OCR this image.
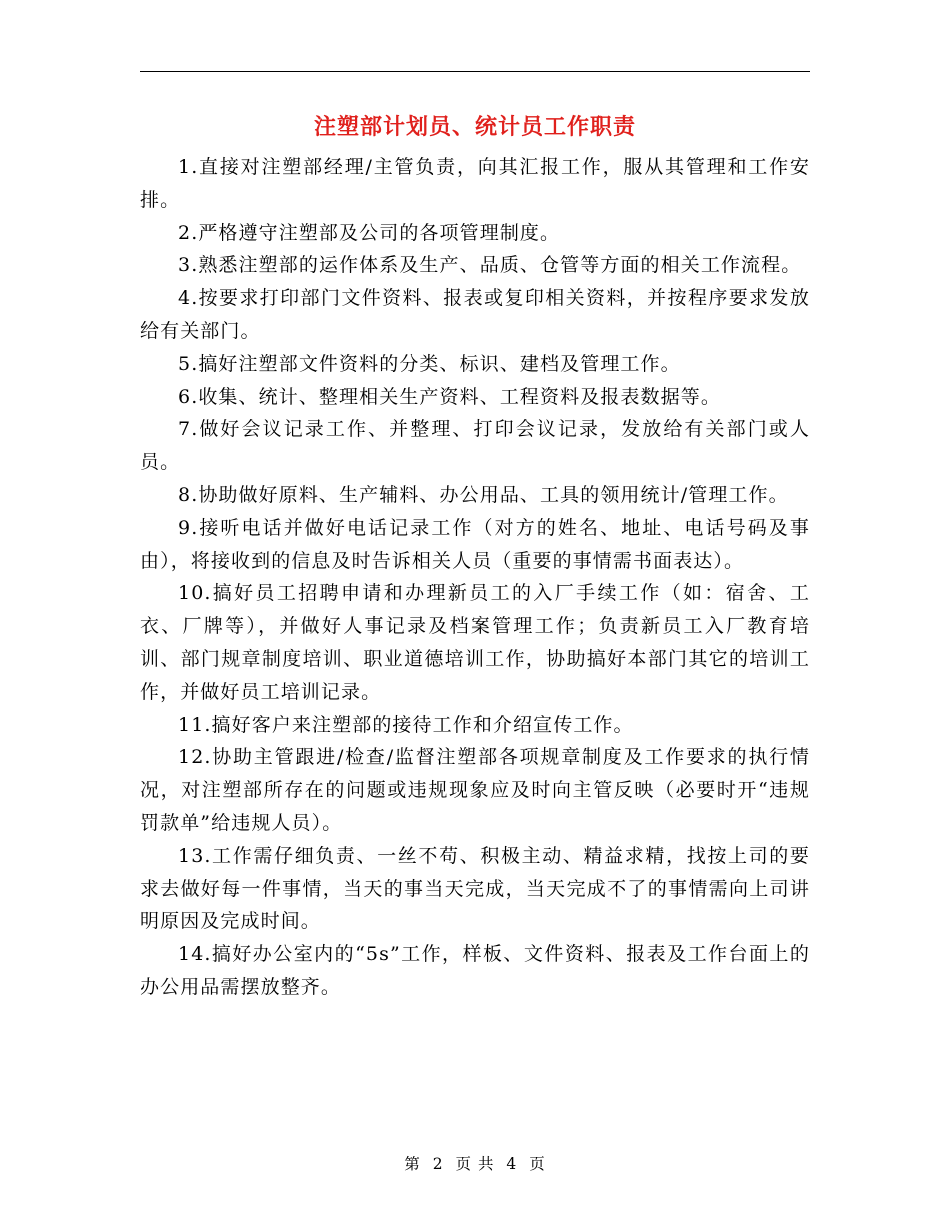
注塑部计划员、统计员工作职责

1.直接对注塑部经理/主管负责，向其汇报工作，服从其管理和工作安排。

2.严格遵守注塑部及公司的各项管理制度。

3.熟悉注塑部的运作体系及生产、品质、仓管等方面的相关工作流程。

4.按要求打印部门文件资料、报表或复印相关资料，并按程序要求发放给有关部门。

5.搞好注塑部文件资料的分类、标识、建档及管理工作。

6.收集、统计、整理相关生产资料、工程资料及报表数据等。

7.做好会议记录工作、并整理、打印会议记录，发放给有关部门或人员。

8.协助做好原料、生产辅料、办公用品、工具的领用统计/管理工作。

9.接听电话并做好电话记录工作（对方的姓名、地址、电话号码及事由），将接收到的信息及时告诉相关人员（重要的事情需书面表达）。

10.搞好员工招聘申请和办理新员工的入厂手续工作（如：宿舍、工衣、厂牌等），并做好人事记录及档案管理工作；负责新员工入厂教育培训、部门规章制度培训、职业道德培训工作，协助搞好本部门其它的培训工作，并做好员工培训记录。

11.搞好客户来注塑部的接待工作和介绍宣传工作。

12.协助主管跟进/检查/监督注塑部各项规章制度及工作要求的执行情况，对注塑部所存在的问题或违规现象应及时向主管反映（必要时开“违规罚款单”给违规人员）。

13.工作需仔细负责、一丝不苟、积极主动、精益求精，找按上司的要求去做好每一件事情，当天的事当天完成，当天完成不了的事情需向上司讲明原因及完成时间。

14.搞好办公室内的“5s”工作，样板、文件资料、报表及工作台面上的办公用品需摆放整齐。

第 2 页 共 4 页
